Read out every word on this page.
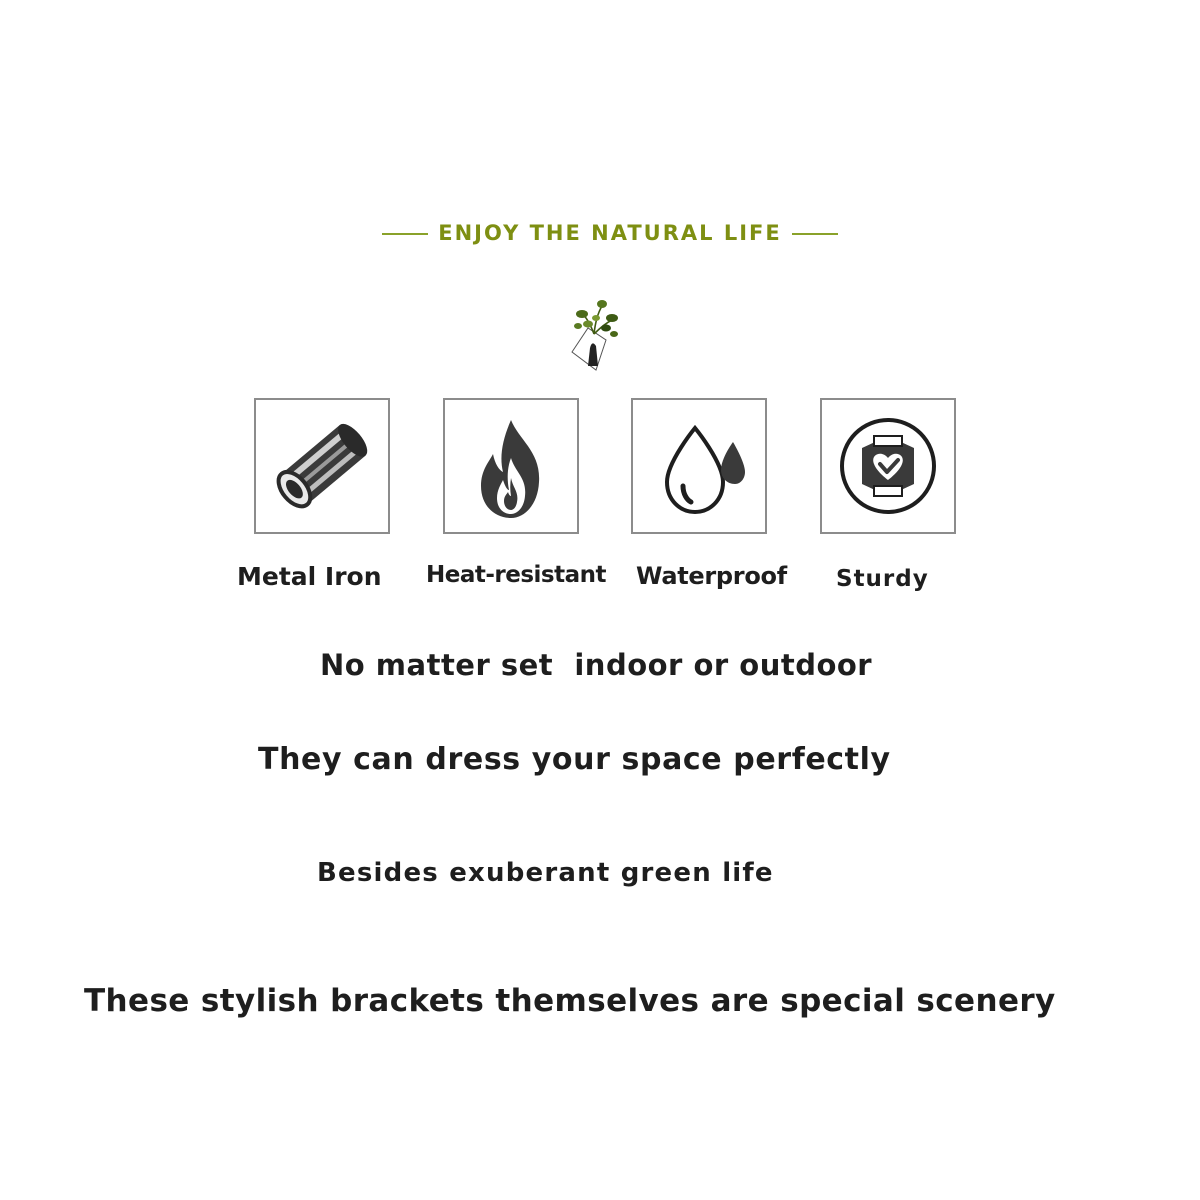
ENJOY THE NATURAL LIFE
Metal Iron Heat-resistant Waterproof Sturdy
No matter set  indoor or outdoor
They can dress your space perfectly
Besides exuberant green life
These stylish brackets themselves are special scenery
